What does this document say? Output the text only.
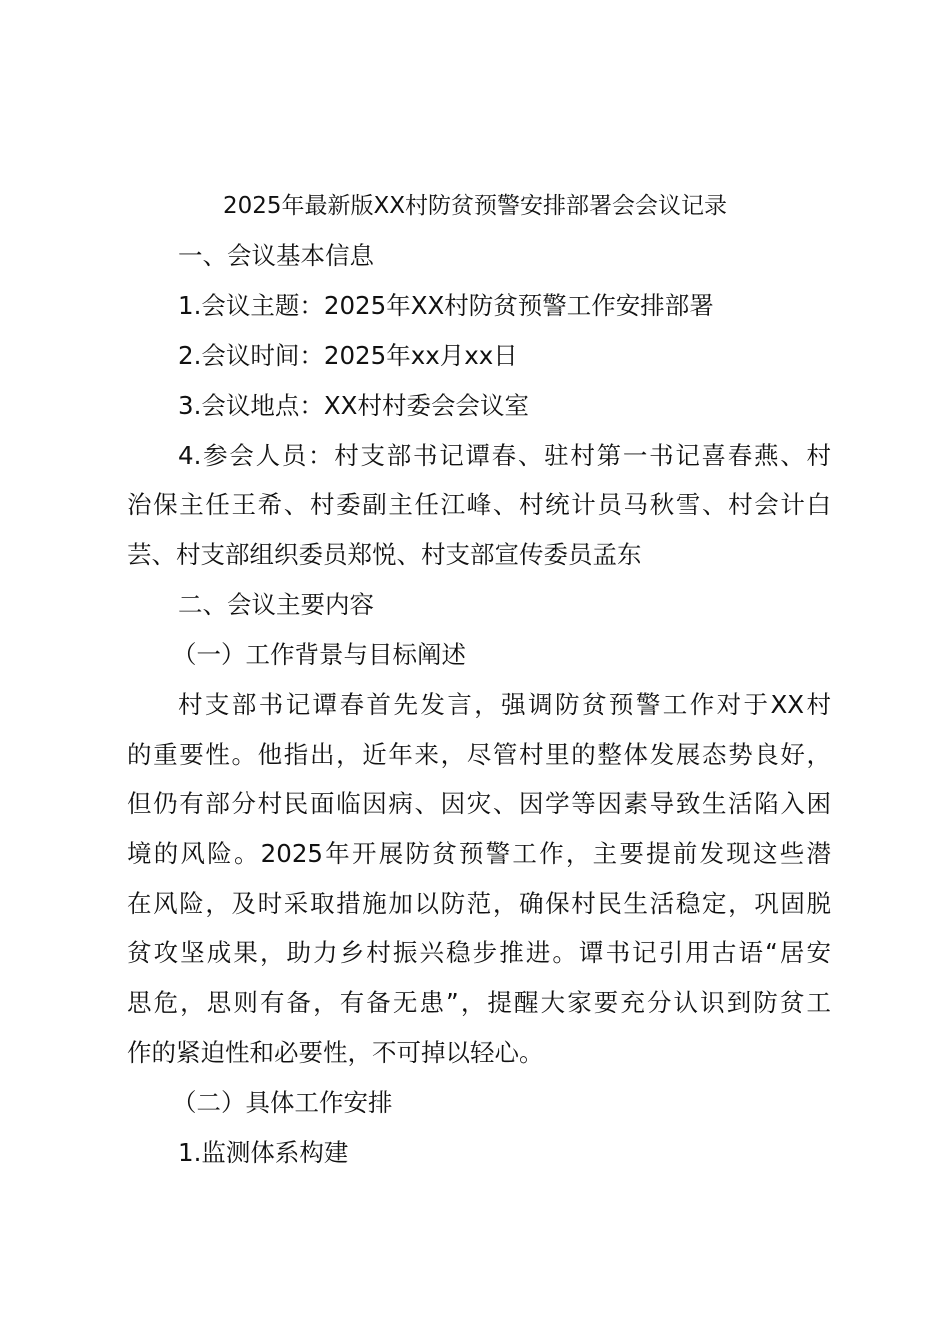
2025年最新版XX村防贫预警安排部署会会议记录
一、会议基本信息
1.会议主题：2025年XX村防贫预警工作安排部署
2.会议时间：2025年xx月xx日
3.会议地点：XX村村委会会议室
4.参会人员：村支部书记谭春、驻村第一书记喜春燕、村
治保主任王希、村委副主任江峰、村统计员马秋雪、村会计白
芸、村支部组织委员郑悦、村支部宣传委员孟东
二、会议主要内容
（一）工作背景与目标阐述
村支部书记谭春首先发言，强调防贫预警工作对于XX村
的重要性。他指出，近年来，尽管村里的整体发展态势良好，
但仍有部分村民面临因病、因灾、因学等因素导致生活陷入困
境的风险。2025年开展防贫预警工作，主要提前发现这些潜
在风险，及时采取措施加以防范，确保村民生活稳定，巩固脱
贫攻坚成果，助力乡村振兴稳步推进。谭书记引用古语“居安
思危，思则有备，有备无患”，提醒大家要充分认识到防贫工
作的紧迫性和必要性，不可掉以轻心。
（二）具体工作安排
1.监测体系构建
